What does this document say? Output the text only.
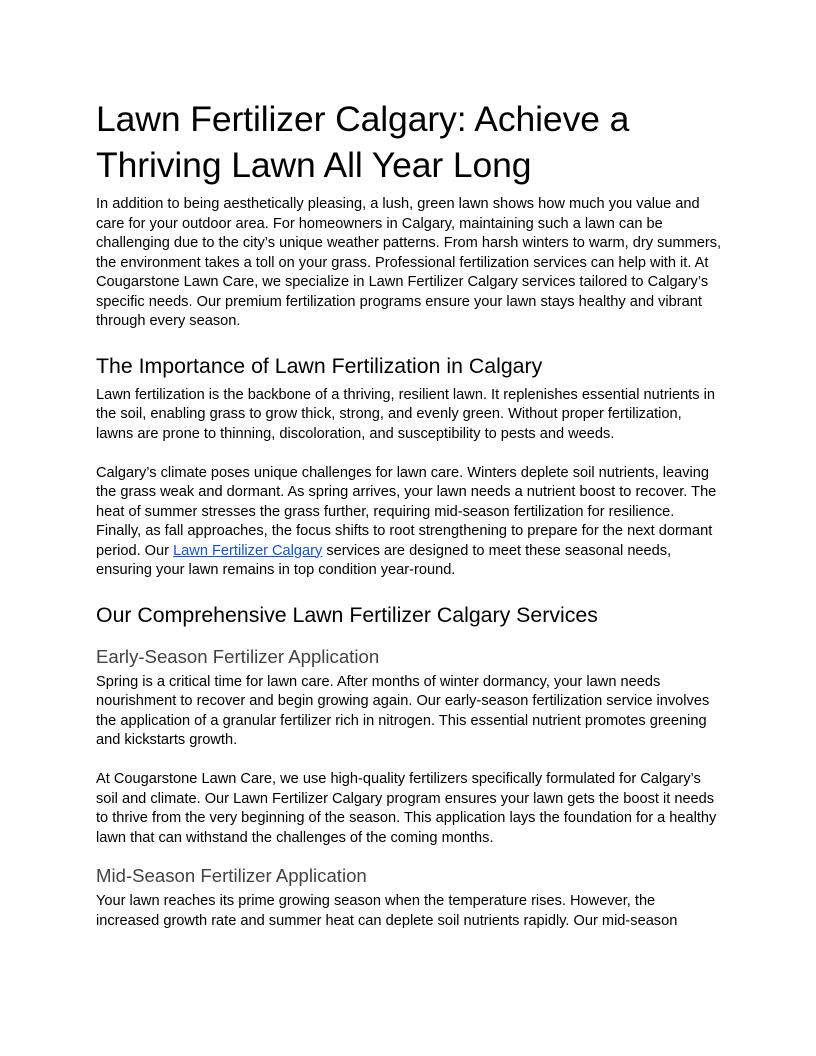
Lawn Fertilizer Calgary: Achieve a Thriving Lawn All Year Long

In addition to being aesthetically pleasing, a lush, green lawn shows how much you value and care for your outdoor area. For homeowners in Calgary, maintaining such a lawn can be challenging due to the city’s unique weather patterns. From harsh winters to warm, dry summers, the environment takes a toll on your grass. Professional fertilization services can help with it. At Cougarstone Lawn Care, we specialize in Lawn Fertilizer Calgary services tailored to Calgary’s specific needs. Our premium fertilization programs ensure your lawn stays healthy and vibrant through every season.

The Importance of Lawn Fertilization in Calgary

Lawn fertilization is the backbone of a thriving, resilient lawn. It replenishes essential nutrients in the soil, enabling grass to grow thick, strong, and evenly green. Without proper fertilization, lawns are prone to thinning, discoloration, and susceptibility to pests and weeds.

Calgary’s climate poses unique challenges for lawn care. Winters deplete soil nutrients, leaving the grass weak and dormant. As spring arrives, your lawn needs a nutrient boost to recover. The heat of summer stresses the grass further, requiring mid-season fertilization for resilience. Finally, as fall approaches, the focus shifts to root strengthening to prepare for the next dormant period. Our Lawn Fertilizer Calgary services are designed to meet these seasonal needs, ensuring your lawn remains in top condition year-round.

Our Comprehensive Lawn Fertilizer Calgary Services
Early-Season Fertilizer Application

Spring is a critical time for lawn care. After months of winter dormancy, your lawn needs nourishment to recover and begin growing again. Our early-season fertilization service involves the application of a granular fertilizer rich in nitrogen. This essential nutrient promotes greening and kickstarts growth.

At Cougarstone Lawn Care, we use high-quality fertilizers specifically formulated for Calgary’s soil and climate. Our Lawn Fertilizer Calgary program ensures your lawn gets the boost it needs to thrive from the very beginning of the season. This application lays the foundation for a healthy lawn that can withstand the challenges of the coming months.

Mid-Season Fertilizer Application

Your lawn reaches its prime growing season when the temperature rises. However, the increased growth rate and summer heat can deplete soil nutrients rapidly. Our mid-season
